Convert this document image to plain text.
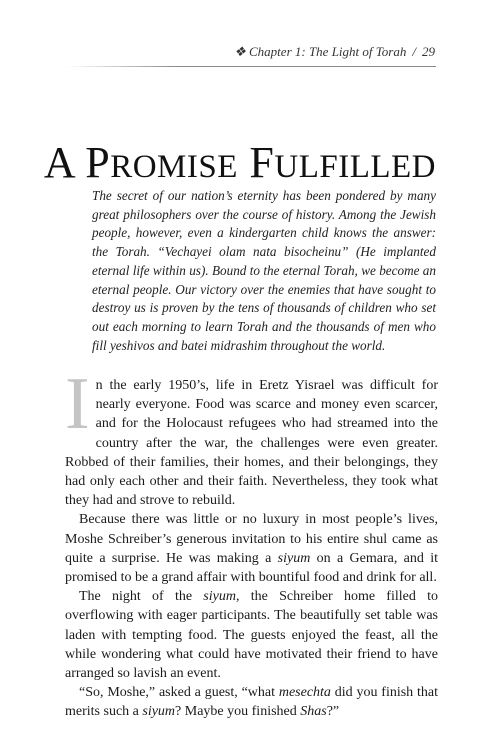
❖ Chapter 1: The Light of Torah / 29
A PROMISE FULFILLED

The secret of our nation’s eternity has been pondered by many great philosophers over the course of history. Among the Jewish people, however, even a kindergarten child knows the answer: the Torah. “Vechayei olam nata bisocheinu” (He implanted eternal life within us). Bound to the eternal Torah, we become an eternal people. Our victory over the enemies that have sought to destroy us is proven by the tens of thousands of children who set out each morning to learn Torah and the thousands of men who fill yeshivos and batei midrashim throughout the world.

In the early 1950’s, life in Eretz Yisrael was difficult for nearly everyone. Food was scarce and money even scarcer, and for the Holocaust refugees who had streamed into the country after the war, the challenges were even greater. Robbed of their families, their homes, and their belongings, they had only each other and their faith. Nevertheless, they took what they had and strove to rebuild.

Because there was little or no luxury in most people’s lives, Moshe Schreiber’s generous invitation to his entire shul came as quite a surprise. He was making a siyum on a Gemara, and it promised to be a grand affair with bountiful food and drink for all.

The night of the siyum, the Schreiber home filled to overflowing with eager participants. The beautifully set table was laden with tempting food. The guests enjoyed the feast, all the while wondering what could have motivated their friend to have arranged so lavish an event.

“So, Moshe,” asked a guest, “what mesechta did you finish that merits such a siyum? Maybe you finished Shas?”
